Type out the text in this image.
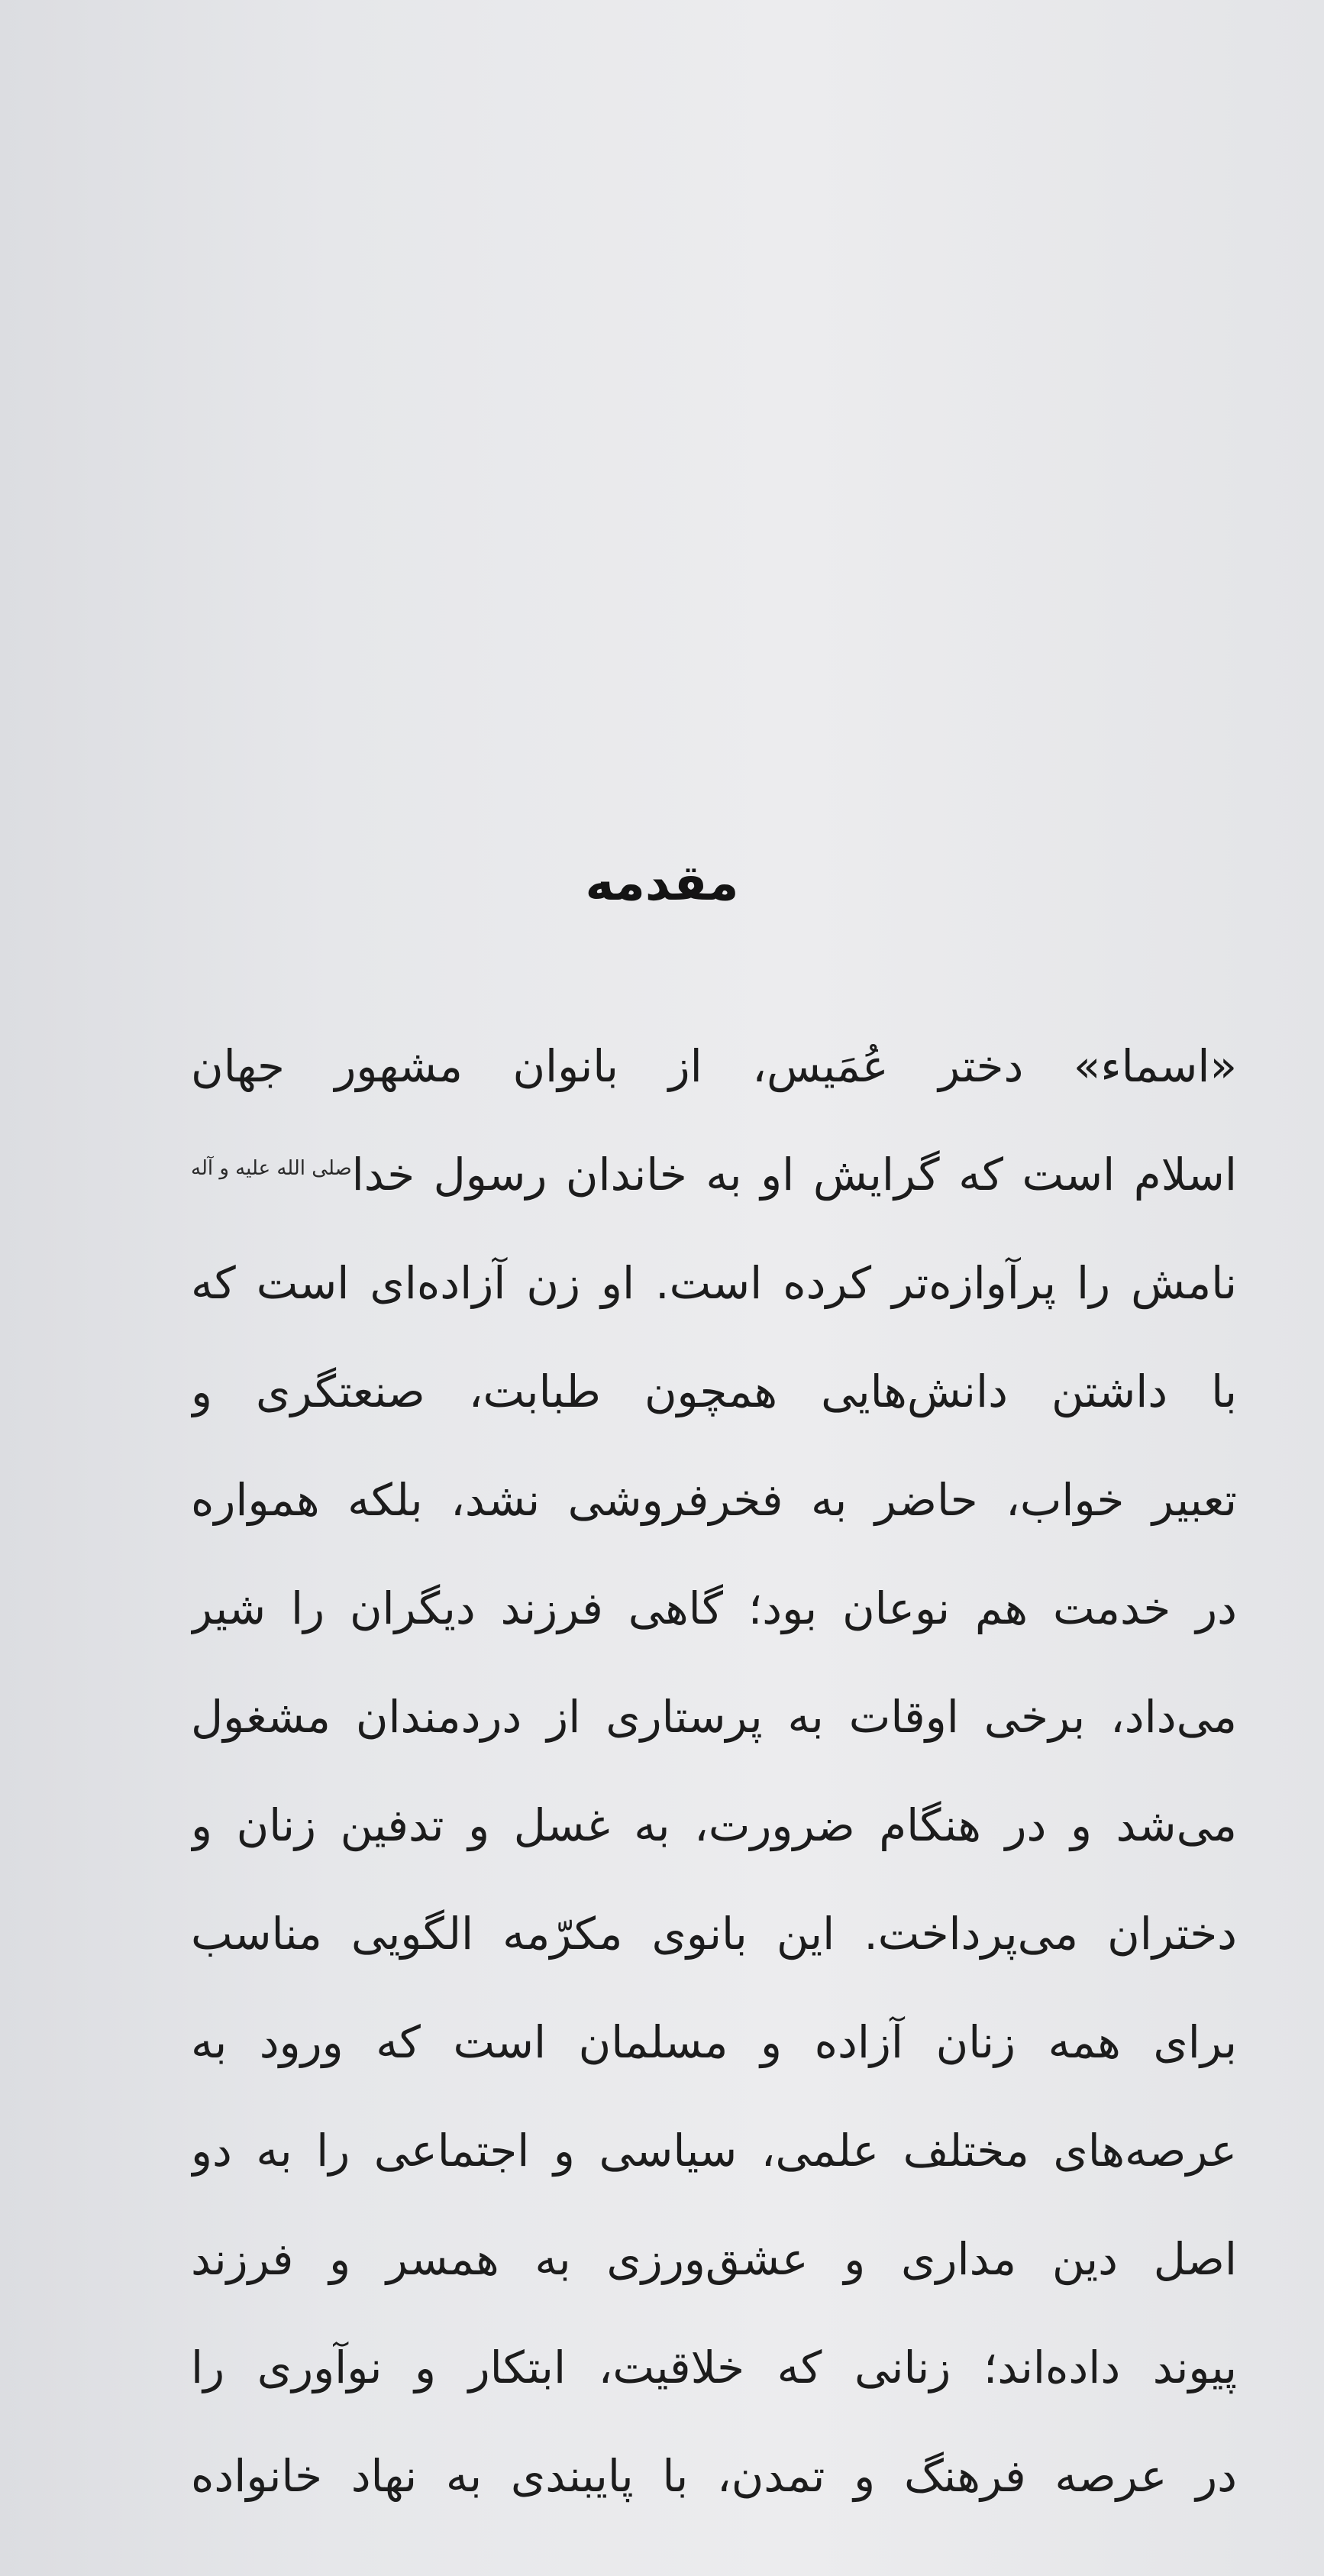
مقدمه
«اسماء» دختر عُمَیس، از بانوان مشهور جهان
اسلام است که گرایش او به خاندان رسول خداصلی الله علیه و آله
نامش را پرآوازه‌تر کرده است. او زن آزاده‌ای است که
با داشتن دانش‌هایی همچون طبابت، صنعتگری و
تعبیر خواب، حاضر به فخرفروشی نشد، بلکه همواره
در خدمت هم نوعان بود؛ گاهی فرزند دیگران را شیر
می‌داد، برخی اوقات به پرستاری از دردمندان مشغول
می‌شد و در هنگام ضرورت، به غسل و تدفین زنان و
دختران می‌پرداخت. این بانوی مکرّمه الگویی مناسب
برای همه زنان آزاده و مسلمان است که ورود به
عرصه‌های مختلف علمی، سیاسی و اجتماعی را به دو
اصل دین مداری و عشق‌ورزی به همسر و فرزند
پیوند داده‌اند؛ زنانی که خلاقیت، ابتکار و نوآوری را
در عرصه فرهنگ و تمدن، با پایبندی به نهاد خانواده
